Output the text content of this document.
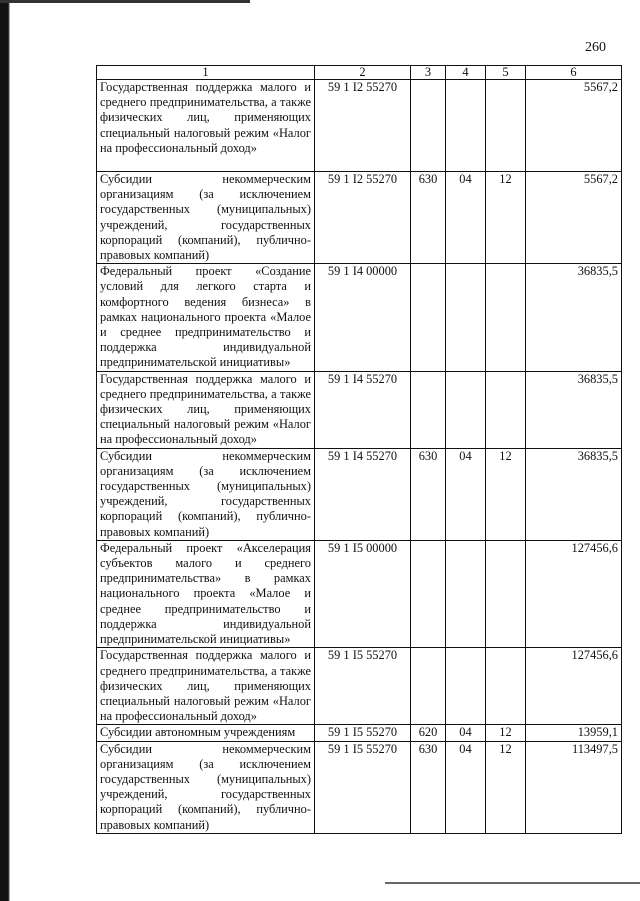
260
1	2	3	4	5	6
Государственная поддержка малого и среднего предпринимательства, а также физических лиц, применяющих специальный налоговый режим «Налог на профессиональный доход»	59 1 I2 55270				5567,2
Субсидии некоммерческим организациям (за исключением государственных (муниципальных) учреждений, государственных корпораций (компаний), публично-правовых компаний)	59 1 I2 55270	630	04	12	5567,2
Федеральный проект «Создание условий для легкого старта и комфортного ведения бизнеса» в рамках национального проекта «Малое и среднее предпринимательство и поддержка индивидуальной предпринимательской инициативы»	59 1 I4 00000				36835,5
Государственная поддержка малого и среднего предпринимательства, а также физических лиц, применяющих специальный налоговый режим «Налог на профессиональный доход»	59 1 I4 55270				36835,5
Субсидии некоммерческим организациям (за исключением государственных (муниципальных) учреждений, государственных корпораций (компаний), публично-правовых компаний)	59 1 I4 55270	630	04	12	36835,5
Федеральный проект «Акселерация субъектов малого и среднего предпринимательства» в рамках национального проекта «Малое и среднее предпринимательство и поддержка индивидуальной предпринимательской инициативы»	59 1 I5 00000				127456,6
Государственная поддержка малого и среднего предпринимательства, а также физических лиц, применяющих специальный налоговый режим «Налог на профессиональный доход»	59 1 I5 55270				127456,6
Субсидии автономным учреждениям	59 1 I5 55270	620	04	12	13959,1
Субсидии некоммерческим организациям (за исключением государственных (муниципальных) учреждений, государственных корпораций (компаний), публично-правовых компаний)	59 1 I5 55270	630	04	12	113497,5
